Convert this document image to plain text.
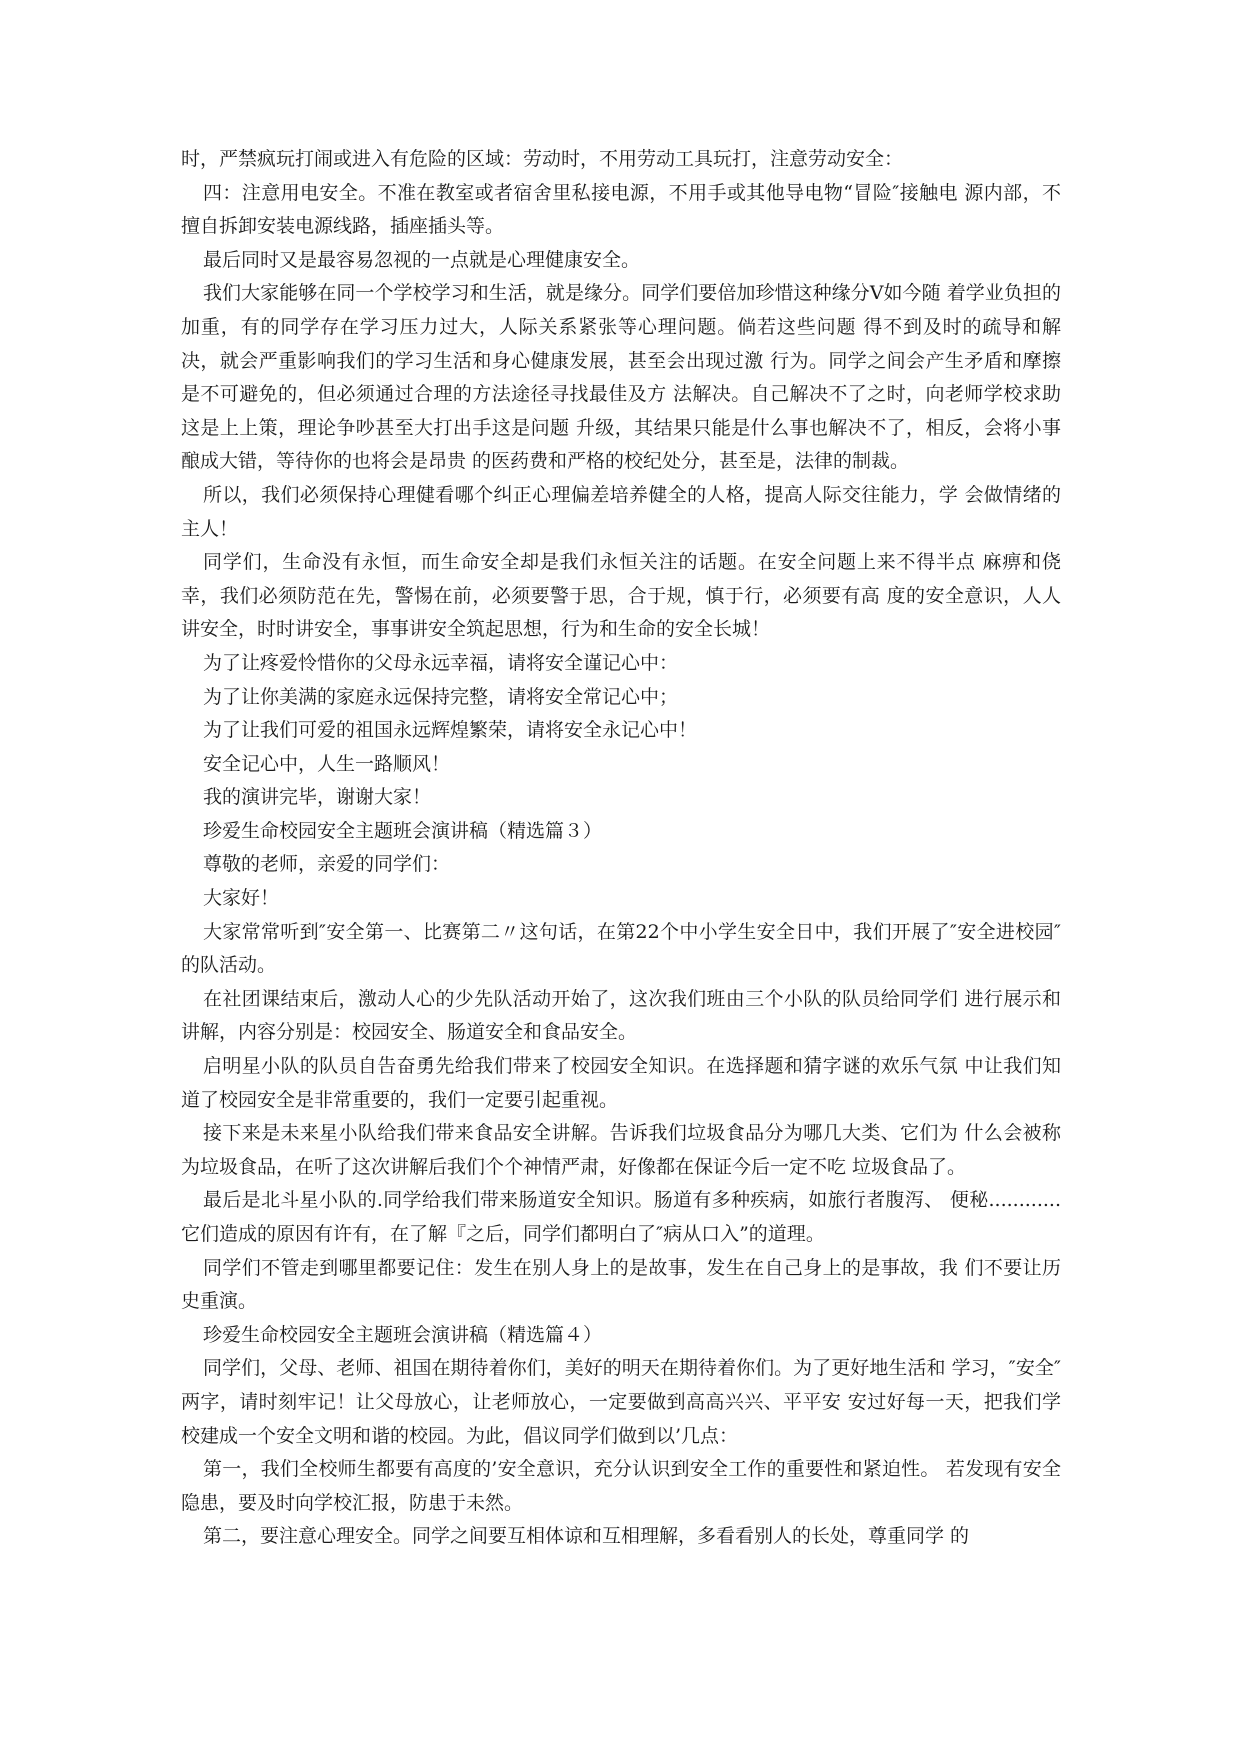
时，严禁疯玩打闹或进入有危险的区域：劳动时，不用劳动工具玩打，注意劳动安全：

四：注意用电安全。不准在教室或者宿舍里私接电源，不用手或其他导电物“冒险″接触电 源内部，不擅自拆卸安装电源线路，插座插头等。

最后同时又是最容易忽视的一点就是心理健康安全。

我们大家能够在同一个学校学习和生活，就是缘分。同学们要倍加珍惜这种缘分Ⅴ如今随 着学业负担的加重，有的同学存在学习压力过大，人际关系紧张等心理问题。倘若这些问题 得不到及时的疏导和解决，就会严重影响我们的学习生活和身心健康发展，甚至会出现过激 行为。同学之间会产生矛盾和摩擦是不可避免的，但必须通过合理的方法途径寻找最佳及方 法解决。自己解决不了之时，向老师学校求助这是上上策，理论争吵甚至大打出手这是问题 升级，其结果只能是什么事也解决不了，相反，会将小事酿成大错，等待你的也将会是昂贵 的医药费和严格的校纪处分，甚至是，法律的制裁。

所以，我们必须保持心理健看哪个纠正心理偏差培养健全的人格，提高人际交往能力，学 会做情绪的主人！

同学们，生命没有永恒，而生命安全却是我们永恒关注的话题。在安全问题上来不得半点 麻痹和侥幸，我们必须防范在先，警惕在前，必须要警于思，合于规，慎于行，必须要有高 度的安全意识，人人讲安全，时时讲安全，事事讲安全筑起思想，行为和生命的安全长城！

为了让疼爱怜惜你的父母永远幸福，请将安全谨记心中：

为了让你美满的家庭永远保持完整，请将安全常记心中；

为了让我们可爱的祖国永远辉煌繁荣，请将安全永记心中！

安全记心中，人生一路顺风！

我的演讲完毕，谢谢大家！

珍爱生命校园安全主题班会演讲稿（精选篇３）

尊敬的老师，亲爱的同学们：

大家好！

大家常常听到″安全第一、比赛第二〃这句话，在第22个中小学生安全日中，我们开展了″安全进校园″的队活动。

在社团课结束后，激动人心的少先队活动开始了，这次我们班由三个小队的队员给同学们 进行展示和讲解，内容分别是：校园安全、肠道安全和食品安全。

启明星小队的队员自告奋勇先给我们带来了校园安全知识。在选择题和猜字谜的欢乐气氛 中让我们知道了校园安全是非常重要的，我们一定要引起重视。

接下来是未来星小队给我们带来食品安全讲解。告诉我们垃圾食品分为哪几大类、它们为 什么会被称为垃圾食品，在听了这次讲解后我们个个神情严肃，好像都在保证今后一定不吃 垃圾食品了。

最后是北斗星小队的.同学给我们带来肠道安全知识。肠道有多种疾病，如旅行者腹泻、 便秘............它们造成的原因有许有，在了解『之后，同学们都明白了″病从口入”的道理。

同学们不管走到哪里都要记住：发生在别人身上的是故事，发生在自己身上的是事故，我 们不要让历史重演。

珍爱生命校园安全主题班会演讲稿（精选篇４）

同学们，父母、老师、祖国在期待着你们，美好的明天在期待着你们。为了更好地生活和 学习，″安全″两字，请时刻牢记！让父母放心，让老师放心，一定要做到高高兴兴、平平安 安过好每一天，把我们学校建成一个安全文明和谐的校园。为此，倡议同学们做到以’几点：

第一，我们全校师生都要有高度的’安全意识，充分认识到安全工作的重要性和紧迫性。 若发现有安全隐患，要及时向学校汇报，防患于未然。

第二，要注意心理安全。同学之间要互相体谅和互相理解，多看看别人的长处，尊重同学 的
